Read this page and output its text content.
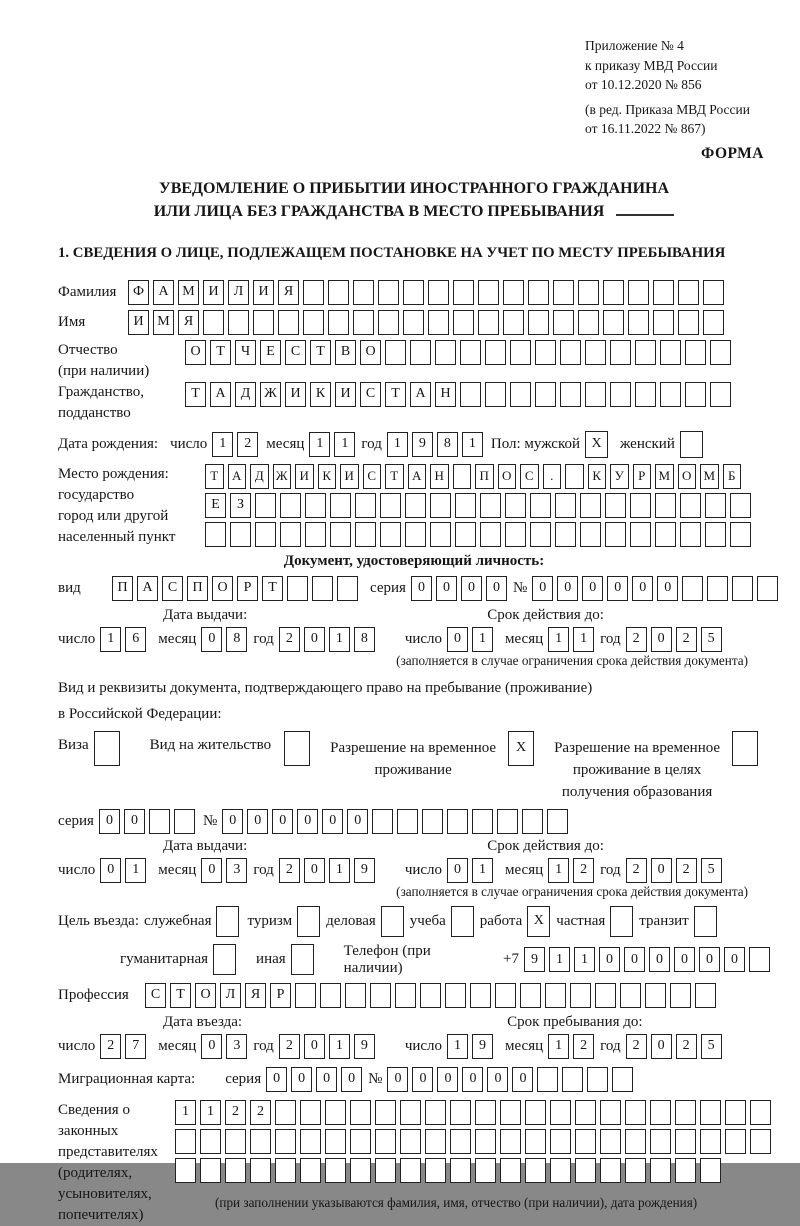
Приложение № 4
к приказу МВД России
от 10.12.2020 № 856
(в ред. Приказа МВД России
от 16.11.2022 № 867)
ФОРМА
УВЕДОМЛЕНИЕ О ПРИБЫТИИ ИНОСТРАННОГО ГРАЖДАНИНА
ИЛИ ЛИЦА БЕЗ ГРАЖДАНСТВА В МЕСТО ПРЕБЫВАНИЯ
1. СВЕДЕНИЯ О ЛИЦЕ, ПОДЛЕЖАЩЕМ ПОСТАНОВКЕ НА УЧЕТ ПО МЕСТУ ПРЕБЫВАНИЯ
Фамилия	Ф	А М И	Л	И	Я
Имя	И М	Я
Отчество
(при наличии)
О	Т	Ч	Е	С	Т	В	О
Гражданство,
подданство
Т	А	Д Ж И	К	И	С	Т	А	Н
Дата рождения: число 1	2	месяц 1	1 год 1	9	8	1	Пол: мужской X	женский
Место рождения:
государство
город или другой
населенный пункт
Т	А	Д Ж И	К	И	С	Т	А	Н	П	О	С	.	К	У	Р	М О М Б
Е	З
Документ, удостоверяющий личность:
вид	П	А	С	П	О	Р	Т	серия 0	0	0	0 № 0	0	0	0	0	0
Дата выдачи:	Срок действия до:
число 1	6	месяц 0	8 год 2	0	1	8	число 0	1	месяц 1	1 год 2	0	2	5
(заполняется в случае ограничения срока действия документа)
Вид и реквизиты документа, подтверждающего право на пребывание (проживание)
в Российской Федерации:
Виза	Вид на жительство	Разрешение на временное
проживание
X	Разрешение на временное
проживание в целях
получения образования
серия 0	0	№ 0	0	0	0	0	0
Дата выдачи:	Срок действия до:
число 0	1	месяц 0	3 год 2	0	1	9	число 0	1	месяц 1	2 год 2	0	2	5
(заполняется в случае ограничения срока действия документа)
Цель въезда: служебная туризм деловая учеба работа X частная транзит
гуманитарная	иная
Телефон (при наличии)
+7 9	1	1	0	0	0	0	0	0
Профессия	С	Т	О	Л	Я	Р
Дата въезда:	Срок пребывания до:
число 2	7	месяц 0	3 год 2	0	1	9	число 1	9	месяц 1	2 год 2	0	2	5
Миграционная карта: серия 0	0	0	0 № 0	0	0	0	0	0
Сведения о
законных
представителях
(родителях,
усыновителях,
попечителях)
1	1	2	2
(при заполнении указываются фамилия, имя, отчество (при наличии), дата рождения)
